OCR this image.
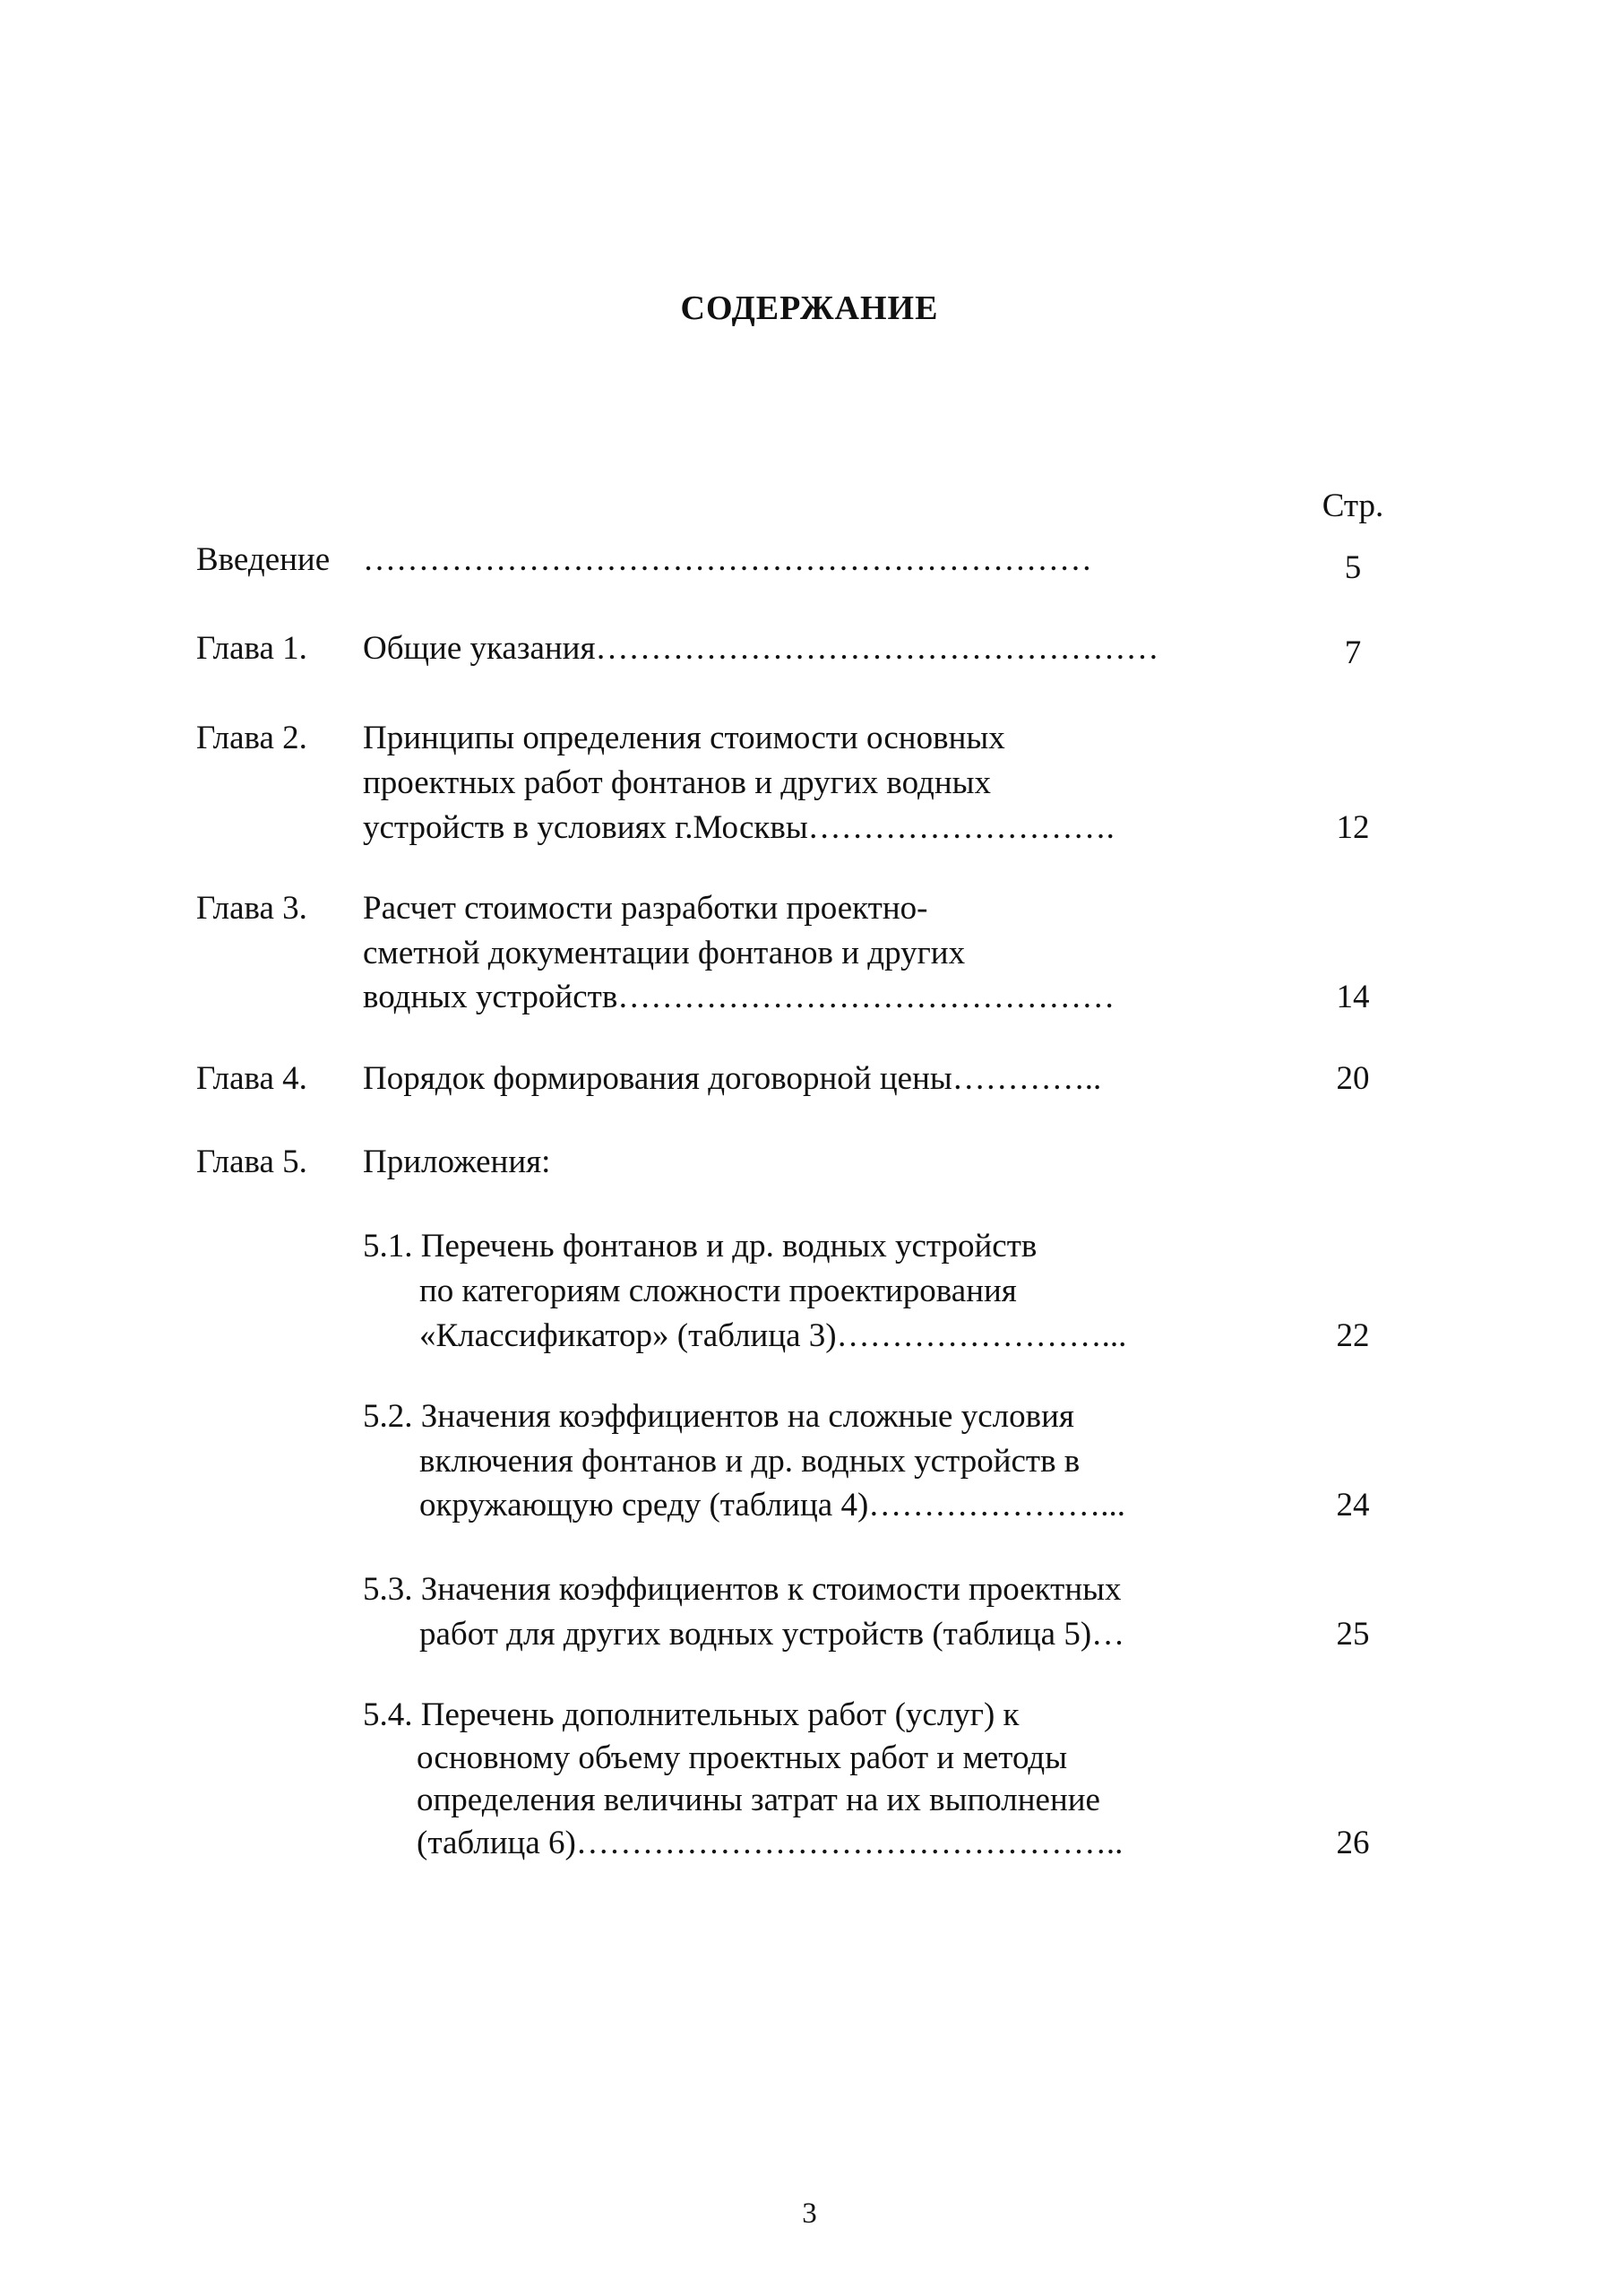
СОДЕРЖАНИЕ
Стр.
Введение …………………………………………………………	5
Глава 1. Общие указания……………………………………………	7
Глава 2. Принципы определения стоимости основных
проектных работ фонтанов и других водных
устройств в условиях г.Москвы……………………….	12
Глава 3. Расчет стоимости разработки проектно-
сметной документации фонтанов и других
водных устройств………………………………………	14
Глава 4. Порядок формирования договорной цены…………..	20
Глава 5. Приложения:
5.1. Перечень фонтанов и др. водных устройств
по категориям сложности проектирования
«Классификатор» (таблица 3)……………………...	22
5.2. Значения коэффициентов на сложные условия
включения фонтанов и др. водных устройств в
окружающую среду (таблица 4)…………………...	24
5.3. Значения коэффициентов к стоимости проектных
работ для других водных устройств (таблица 5)…	25
5.4. Перечень дополнительных работ (услуг) к
основному объему проектных работ и методы
определения величины затрат на их выполнение
(таблица 6)…………………………………………..	26
3
